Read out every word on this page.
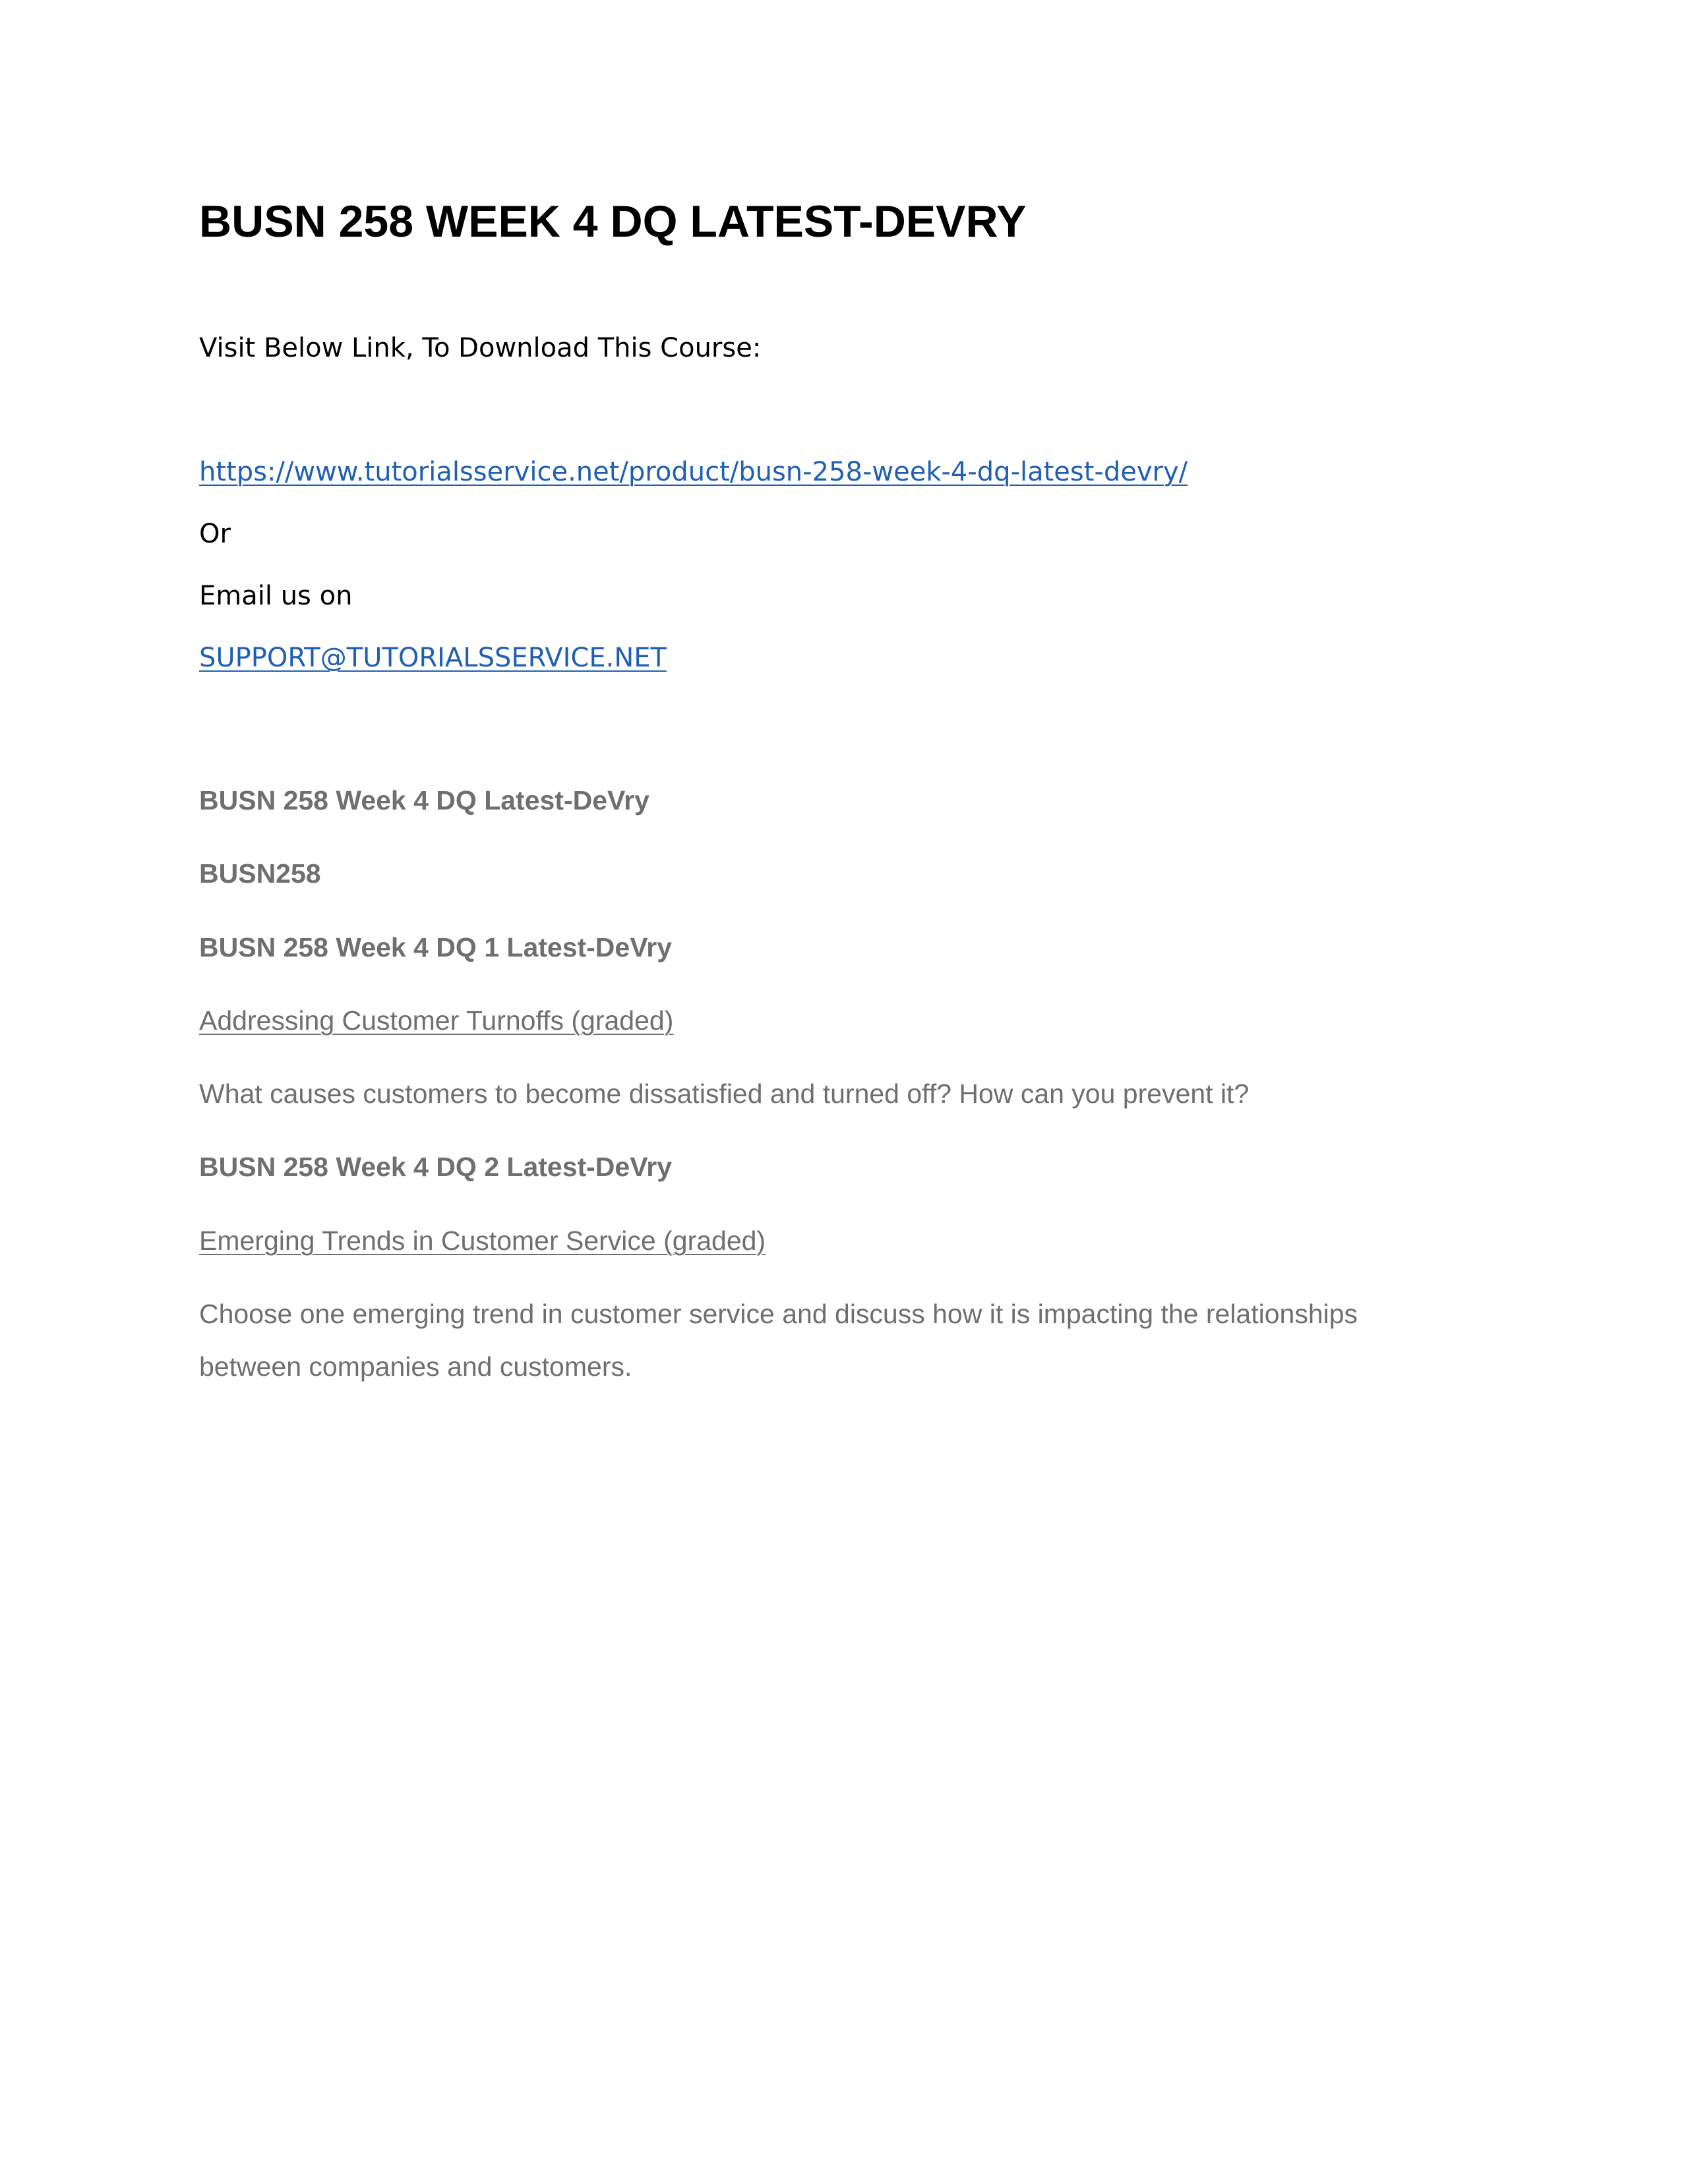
BUSN 258 WEEK 4 DQ LATEST-DEVRY
Visit Below Link, To Download This Course:
https://www.tutorialsservice.net/product/busn-258-week-4-dq-latest-devry/
Or
Email us on
SUPPORT@TUTORIALSSERVICE.NET
BUSN 258 Week 4 DQ Latest-DeVry
BUSN258
BUSN 258 Week 4 DQ 1 Latest-DeVry
Addressing Customer Turnoffs (graded)
What causes customers to become dissatisfied and turned off? How can you prevent it?
BUSN 258 Week 4 DQ 2 Latest-DeVry
Emerging Trends in Customer Service (graded)
Choose one emerging trend in customer service and discuss how it is impacting the relationships between companies and customers.
